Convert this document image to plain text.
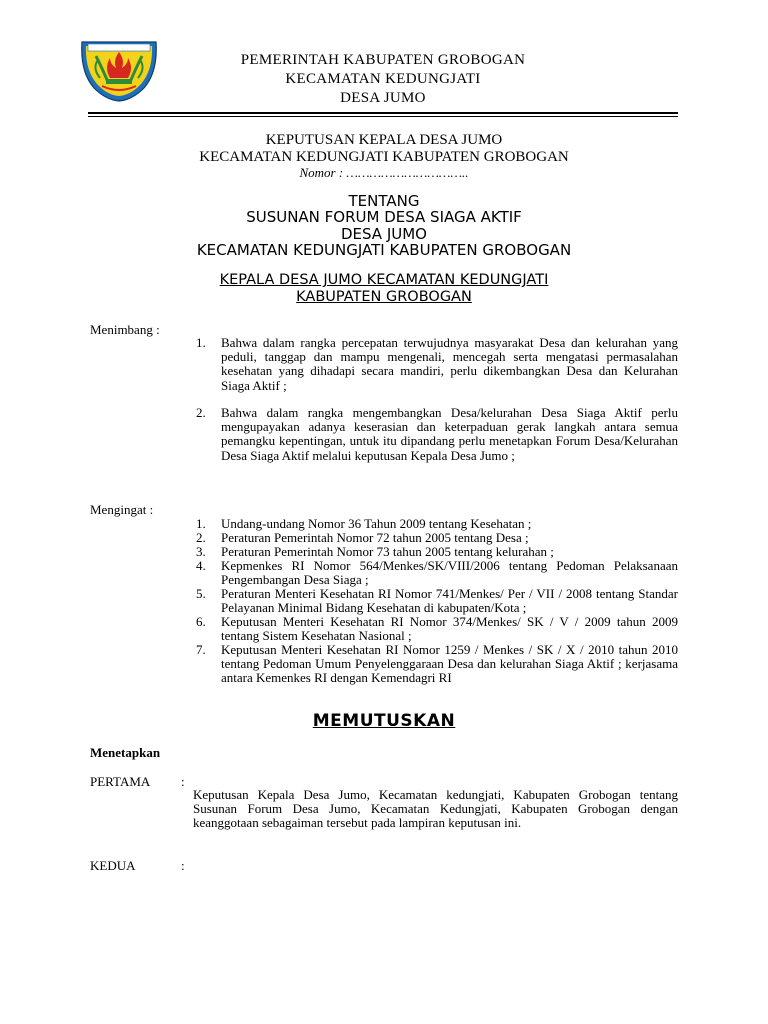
PEMERINTAH KABUPATEN GROBOGAN
KECAMATAN KEDUNGJATI
DESA JUMO
KEPUTUSAN KEPALA DESA JUMO
KECAMATAN KEDUNGJATI KABUPATEN GROBOGAN
Nomor : …………………………..
TENTANG
SUSUNAN FORUM DESA SIAGA AKTIF
DESA JUMO
KECAMATAN KEDUNGJATI KABUPATEN GROBOGAN
KEPALA DESA JUMO KECAMATAN KEDUNGJATI
KABUPATEN GROBOGAN
Menimbang :
1.	Bahwa dalam rangka percepatan terwujudnya masyarakat Desa dan kelurahan yang peduli, tanggap dan mampu mengenali, mencegah serta mengatasi permasalahan kesehatan yang dihadapi secara mandiri, perlu dikembangkan Desa dan Kelurahan Siaga Aktif ;
2.	Bahwa dalam rangka mengembangkan Desa/kelurahan Desa Siaga Aktif perlu mengupayakan adanya keserasian dan keterpaduan gerak langkah antara semua pemangku kepentingan, untuk itu dipandang perlu menetapkan Forum Desa/Kelurahan Desa Siaga Aktif melalui keputusan Kepala Desa Jumo ;
Mengingat :
1.	Undang-undang Nomor 36 Tahun 2009 tentang Kesehatan ;
2.	Peraturan Pemerintah Nomor 72 tahun 2005 tentang Desa ;
3.	Peraturan Pemerintah Nomor 73 tahun 2005 tentang kelurahan ;
4.	Kepmenkes RI Nomor 564/Menkes/SK/VIII/2006 tentang Pedoman Pelaksanaan Pengembangan Desa Siaga ;
5.	Peraturan Menteri Kesehatan RI Nomor 741/Menkes/ Per / VII / 2008 tentang Standar Pelayanan Minimal Bidang Kesehatan di kabupaten/Kota ;
6.	Keputusan Menteri Kesehatan RI Nomor 374/Menkes/ SK / V / 2009 tahun 2009 tentang Sistem Kesehatan Nasional ;
7.	Keputusan Menteri Kesehatan RI Nomor 1259 / Menkes / SK / X / 2010 tahun 2010 tentang Pedoman Umum Penyelenggaraan Desa dan kelurahan Siaga Aktif ; kerjasama antara Kemenkes RI dengan Kemendagri RI
MEMUTUSKAN
Menetapkan
PERTAMA :
Keputusan Kepala Desa Jumo, Kecamatan kedungjati, Kabupaten Grobogan tentang Susunan Forum Desa Jumo, Kecamatan Kedungjati, Kabupaten Grobogan dengan keanggotaan sebagaiman tersebut pada lampiran keputusan ini.
KEDUA	:
